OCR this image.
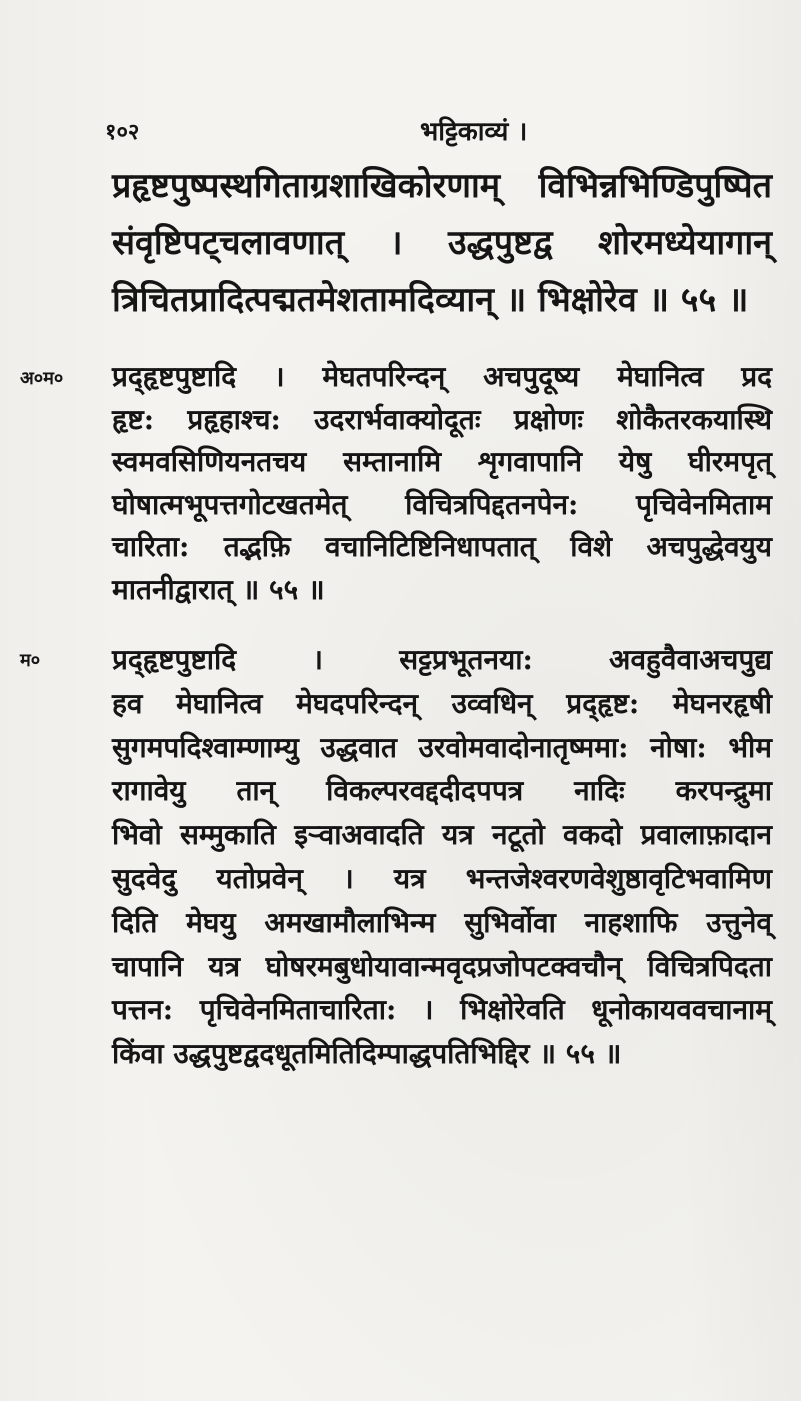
१०२	भट्टिकाव्यं ।
प्रहृष्टपुष्पस्थगिताग्रशाखिकोरणाम् विभिन्नभिण्डिपुष्पित
संवृष्टिपट्चलावणात् । उद्धपुष्टद्व शोरमध्येयागान्
त्रिचितप्रादित्पद्मतमेशतामदिव्यान् ॥ भिक्षोरेव ॥ ५५ ॥
अ०म० प्रद्हृष्टपुष्टादि । मेघतपरिन्दन् अचपुदूष्य मेघानित्व प्रद
हृष्ट: प्रहृहाश्च: उदरार्भवाक्योदूतः प्रक्षोणः शोकैतरकयास्थि
स्वमवसिणियनतचय सम्तानामि शृगवापानि येषु घीरमपृत्
घोषात्मभूपत्तगोटखतमेत् विचित्रपिद्दतनपेन: पृचिवेनमिताम
चारिता: तद्भफ़ि वचानिटिष्टिनिधापतात् विशे अचपुद्धेवयुय
मातनीद्वारात् ॥ ५५ ॥
म०	प्रद्हृष्टपुष्टादि । सट्टप्रभूतनया: अवहुवैवाअचपुद्य
हव मेघानित्व मेघदपरिन्दन् उव्वधिन् प्रद्हृष्ट: मेघनरहृषी
सुगमपदिश्वाम्णाम्यु उद्धवात उरवोमवादोनातृष्ममा: नोषा: भीम
रागावेयु तान् विकल्परवद्ददीदपपत्र नादिः करपन्द्रुमा
भिवो सम्मुकाति इऱ्वाअवादति यत्र नटूतो वकदो प्रवालाफ़ादान
सुदवेदु यतोप्रवेन् । यत्र भन्तजेश्वरणवेशुष्ठावृटिभवामिण
दिति मेघयु अमखामौलाभिन्म सुभिर्वोवा नाहशाफि उत्तुनेव्
चापानि यत्र घोषरमबुधोयावान्मवृदप्रजोपटक्वचौन् विचित्रपिदता
पत्तन: पृचिवेनमिताचारिता: । भिक्षोरेवति धूनोकायववचानाम्
किंवा उद्धपुष्टद्वदधूतमितिदिम्पाद्धपतिभिद्दिर ॥ ५५ ॥
